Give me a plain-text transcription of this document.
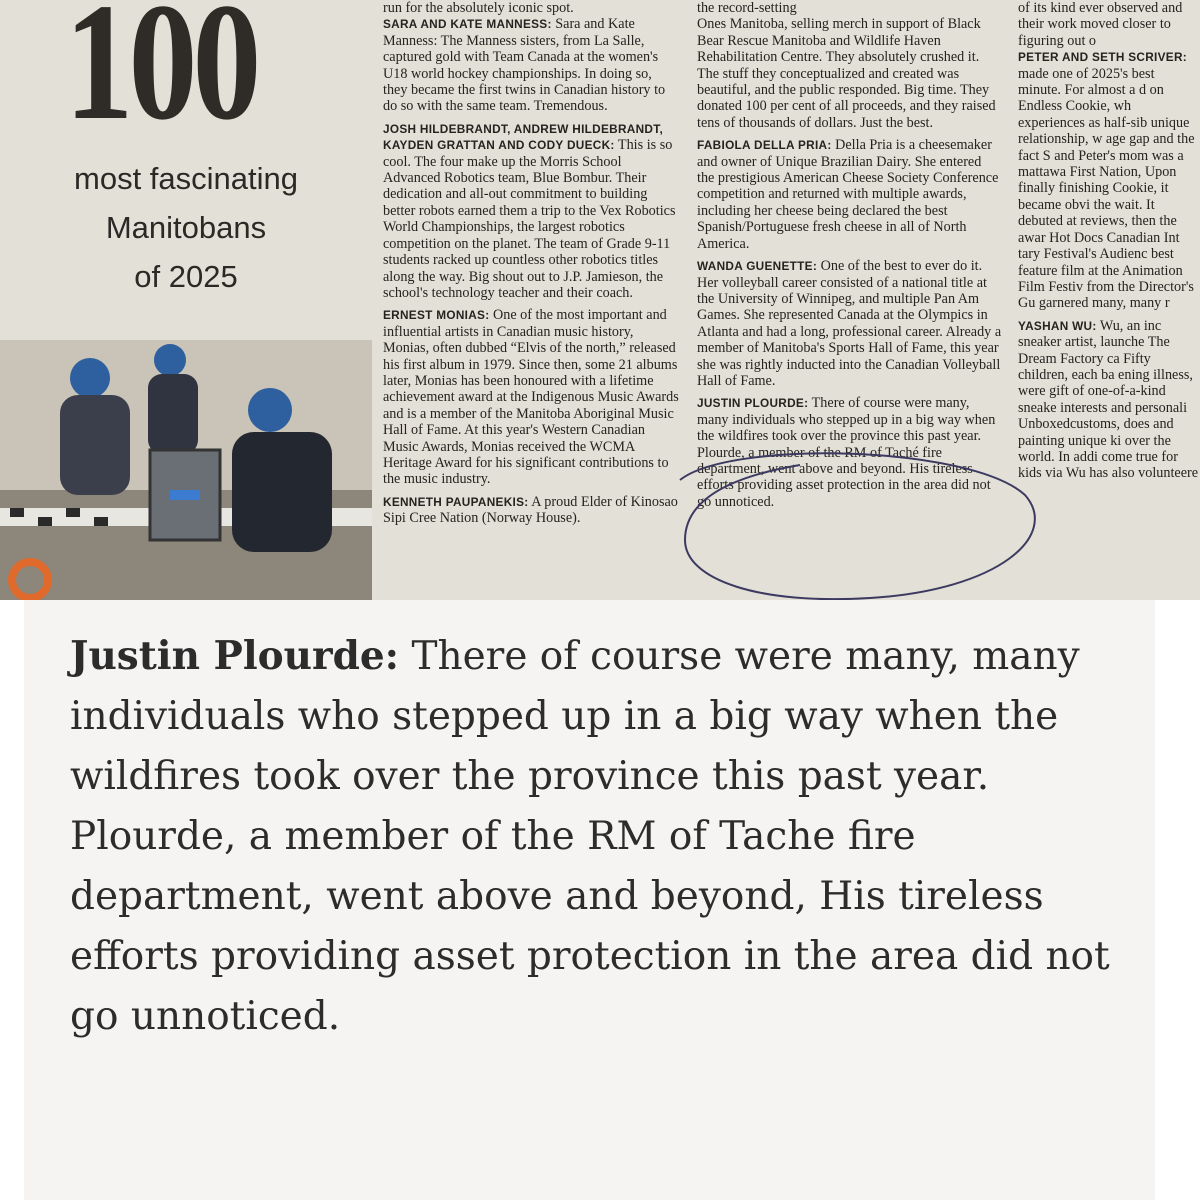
100
most fascinating
Manitobans
of 2025
run for the absolutely iconic spot.
SARA AND KATE MANNESS: Sara and Kate Manness: The Manness sisters, from La Salle, captured gold with Team Canada at the women's U18 world hockey championships. In doing so, they became the first twins in Canadian history to do so with the same team. Tremendous.
JOSH HILDEBRANDT, ANDREW HILDEBRANDT, KAYDEN GRATTAN AND CODY DUECK: This is so cool. The four make up the Morris School Advanced Robotics team, Blue Bombur. Their dedication and all-out commitment to building better robots earned them a trip to the Vex Robotics World Championships, the largest robotics competition on the planet. The team of Grade 9-11 students racked up countless other robotics titles along the way. Big shout out to J.P. Jamieson, the school's technology teacher and their coach.
ERNEST MONIAS: One of the most important and influential artists in Canadian music history, Monias, often dubbed “Elvis of the north,” released his first album in 1979. Since then, some 21 albums later, Monias has been honoured with a lifetime achievement award at the Indigenous Music Awards and is a member of the Manitoba Aboriginal Music Hall of Fame. At this year's Western Canadian Music Awards, Monias received the WCMA Heritage Award for his significant contributions to the music industry.
KENNETH PAUPANEKIS: A proud Elder of Kinosao Sipi Cree Nation (Norway House).
the record-setting
Ones Manitoba, selling merch in support of Black Bear Rescue Manitoba and Wildlife Haven Rehabilitation Centre. They absolutely crushed it. The stuff they conceptualized and created was beautiful, and the public responded. Big time. They donated 100 per cent of all proceeds, and they raised tens of thousands of dollars. Just the best.
FABIOLA DELLA PRIA: Della Pria is a cheesemaker and owner of Unique Brazilian Dairy. She entered the prestigious American Cheese Society Conference competition and returned with multiple awards, including her cheese being declared the best Spanish/Portuguese fresh cheese in all of North America.
WANDA GUENETTE: One of the best to ever do it. Her volleyball career consisted of a national title at the University of Winnipeg, and multiple Pan Am Games. She represented Canada at the Olympics in Atlanta and had a long, professional career. Already a member of Manitoba's Sports Hall of Fame, this year she was rightly inducted into the Canadian Volleyball Hall of Fame.
JUSTIN PLOURDE: There of course were many, many individuals who stepped up in a big way when the wildfires took over the province this past year. Plourde, a member of the RM of Taché fire department, went above and beyond. His tireless efforts providing asset protection in the area did not go unnoticed.
of its kind ever observed and their work moved closer to figuring out o
PETER AND SETH SCRIVER: made one of 2025's best minute. For almost a d on Endless Cookie, wh experiences as half-sib unique relationship, w age gap and the fact S and Peter's mom was a mattawa First Nation, Upon finally finishing Cookie, it became obvi the wait. It debuted at reviews, then the awar Hot Docs Canadian Int tary Festival's Audienc best feature film at the Animation Film Festiv from the Director's Gu garnered many, many r
YASHAN WU: Wu, an inc sneaker artist, launche The Dream Factory ca Fifty children, each ba ening illness, were gift of one-of-a-kind sneake interests and personali Unboxedcustoms, does and painting unique ki over the world. In addi come true for kids via Wu has also volunteere
Justin Plourde: There of course were many, many individuals who stepped up in a big way when the wildfires took over the province this past year. Plourde, a member of the RM of Tache fire department, went above and beyond, His tireless efforts providing asset protection in the area did not go unnoticed.
